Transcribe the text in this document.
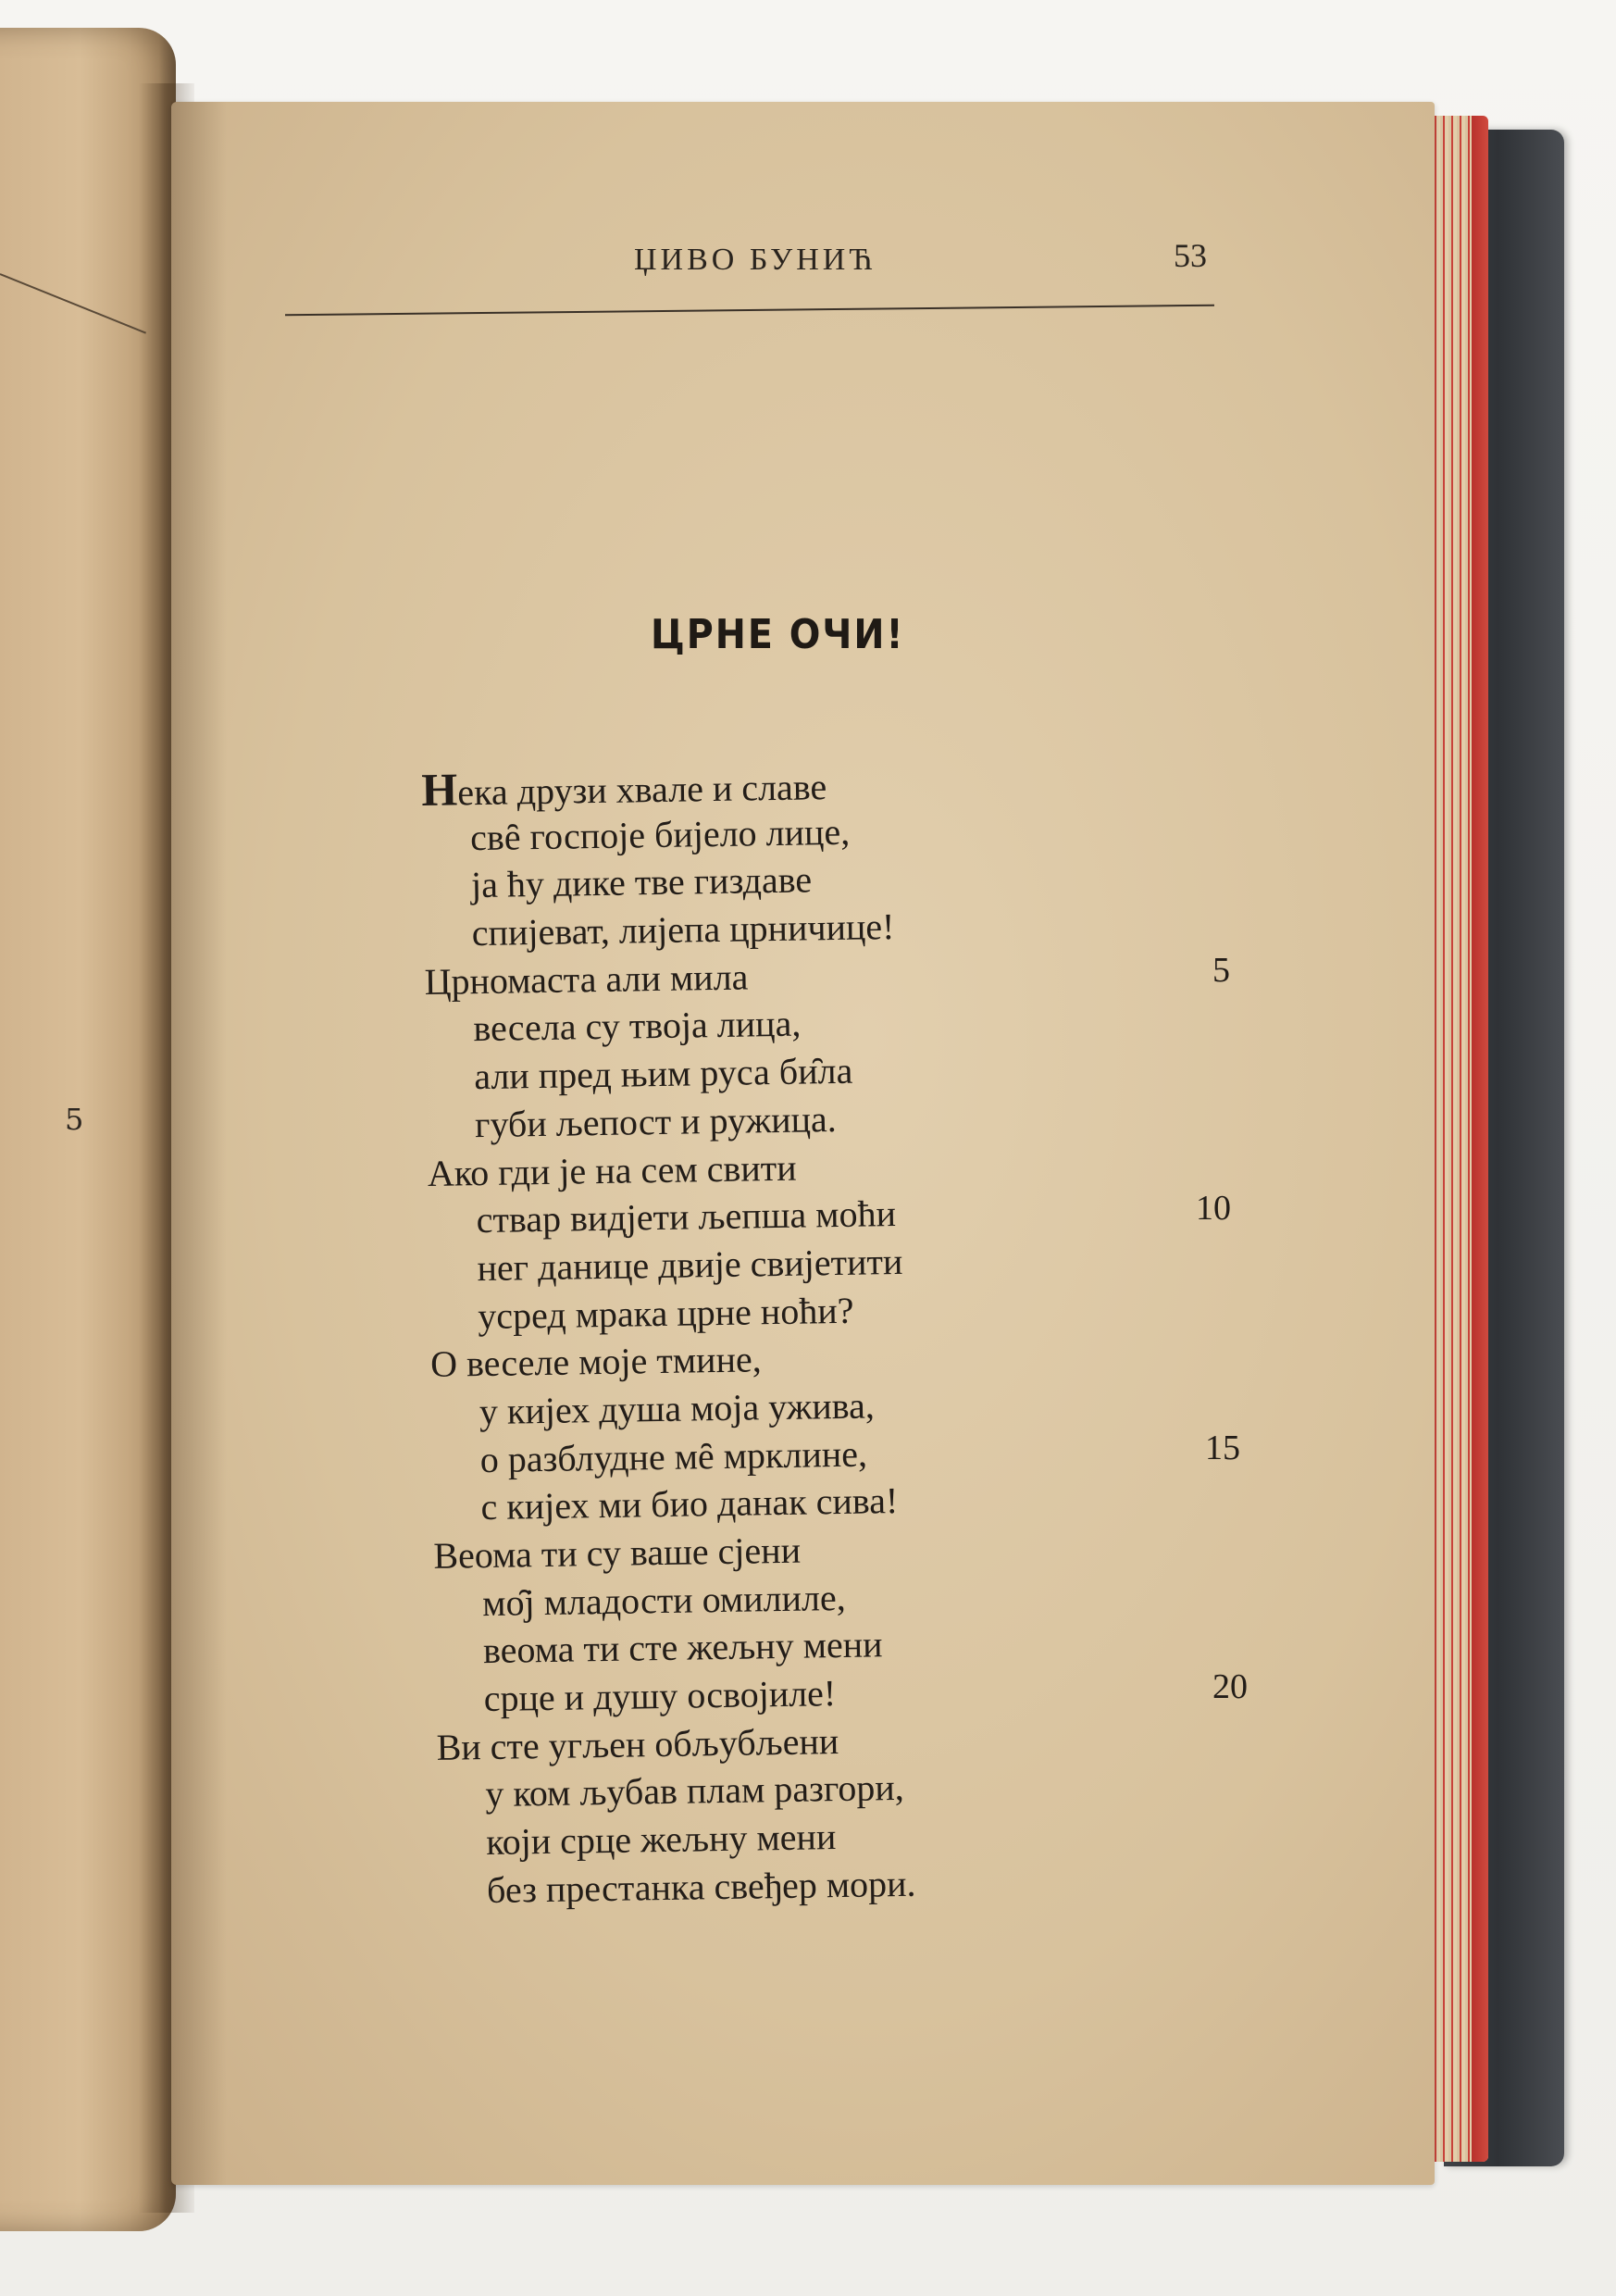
5
ЏИВО БУНИЋ	53
ЦРНЕ ОЧИ!
Нека друзи хвале и славе
свȇ госпоје бијело лице,
ја ћу дике тве гиздаве
спијеват, лијепа црничице!
Црномаста али мила
весела су твоја лица,
али пред њим руса би̑ла
губи љепост и ружица.
Ако гди је на сем свити
ствар видјети љепша моћи
нег данице двије свијетити
усред мрака црне ноћи?
О веселе моје тмине,
у кијех душа моја ужива,
о разблудне мȇ мрклине,
с кијех ми био данак сива!
Веома ти су ваше сјени
мо̑ј младости омилиле,
веома ти сте жељну мени
срце и душу освојиле!
Ви сте угљен обљубљени
у ком љубав плам разгори,
који срце жељну мени
без престанка свеђер мори.
5
10
15
20
